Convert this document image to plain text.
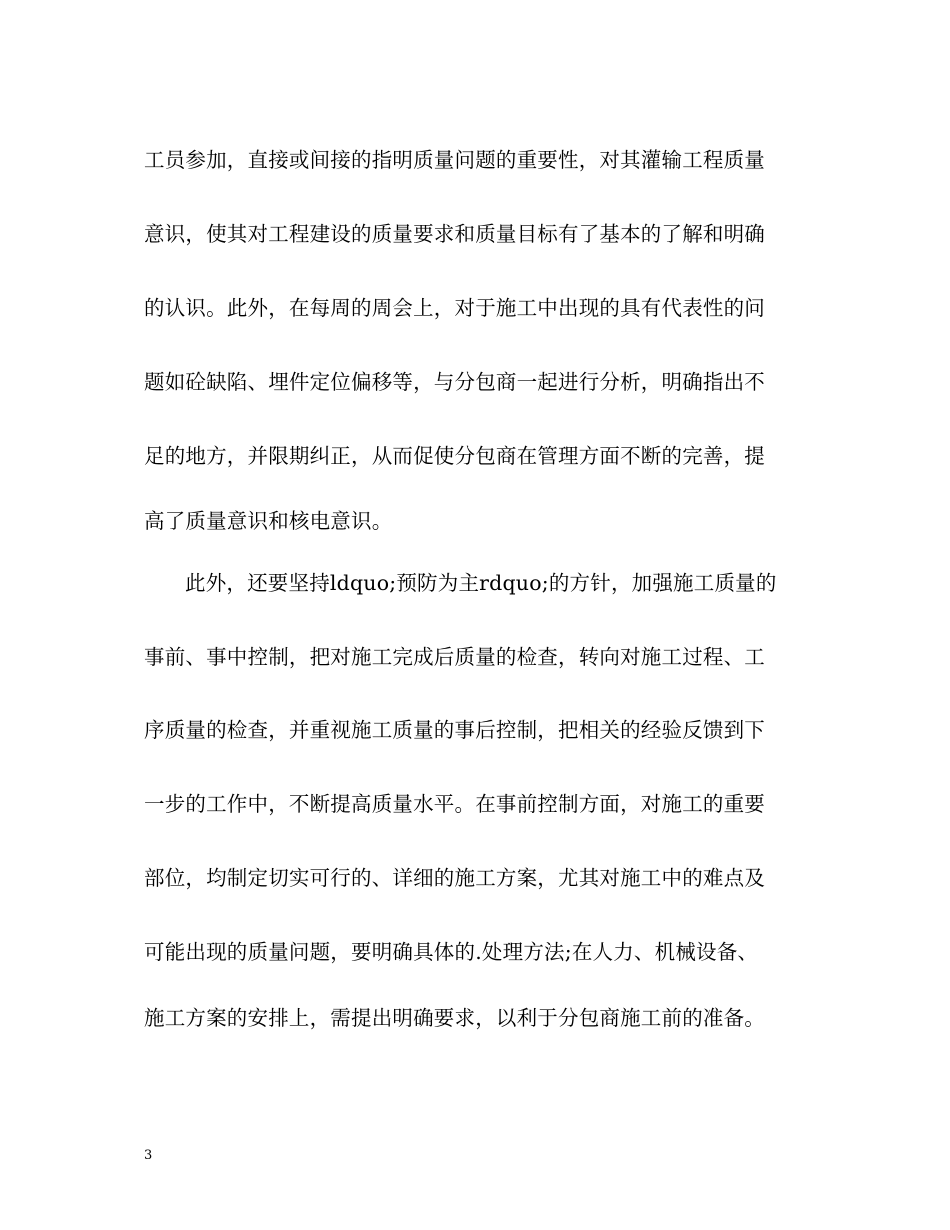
工员参加，直接或间接的指明质量问题的重要性，对其灌输工程质量
意识，使其对工程建设的质量要求和质量目标有了基本的了解和明确
的认识。此外，在每周的周会上，对于施工中出现的具有代表性的问
题如砼缺陷、埋件定位偏移等，与分包商一起进行分析，明确指出不
足的地方，并限期纠正，从而促使分包商在管理方面不断的完善，提
高了质量意识和核电意识。
此外，还要坚持ldquo;预防为主rdquo;的方针，加强施工质量的
事前、事中控制，把对施工完成后质量的检查，转向对施工过程、工
序质量的检查，并重视施工质量的事后控制，把相关的经验反馈到下
一步的工作中，不断提高质量水平。在事前控制方面，对施工的重要
部位，均制定切实可行的、详细的施工方案，尤其对施工中的难点及
可能出现的质量问题，要明确具体的.处理方法;在人力、机械设备、
施工方案的安排上，需提出明确要求，以利于分包商施工前的准备。
3
